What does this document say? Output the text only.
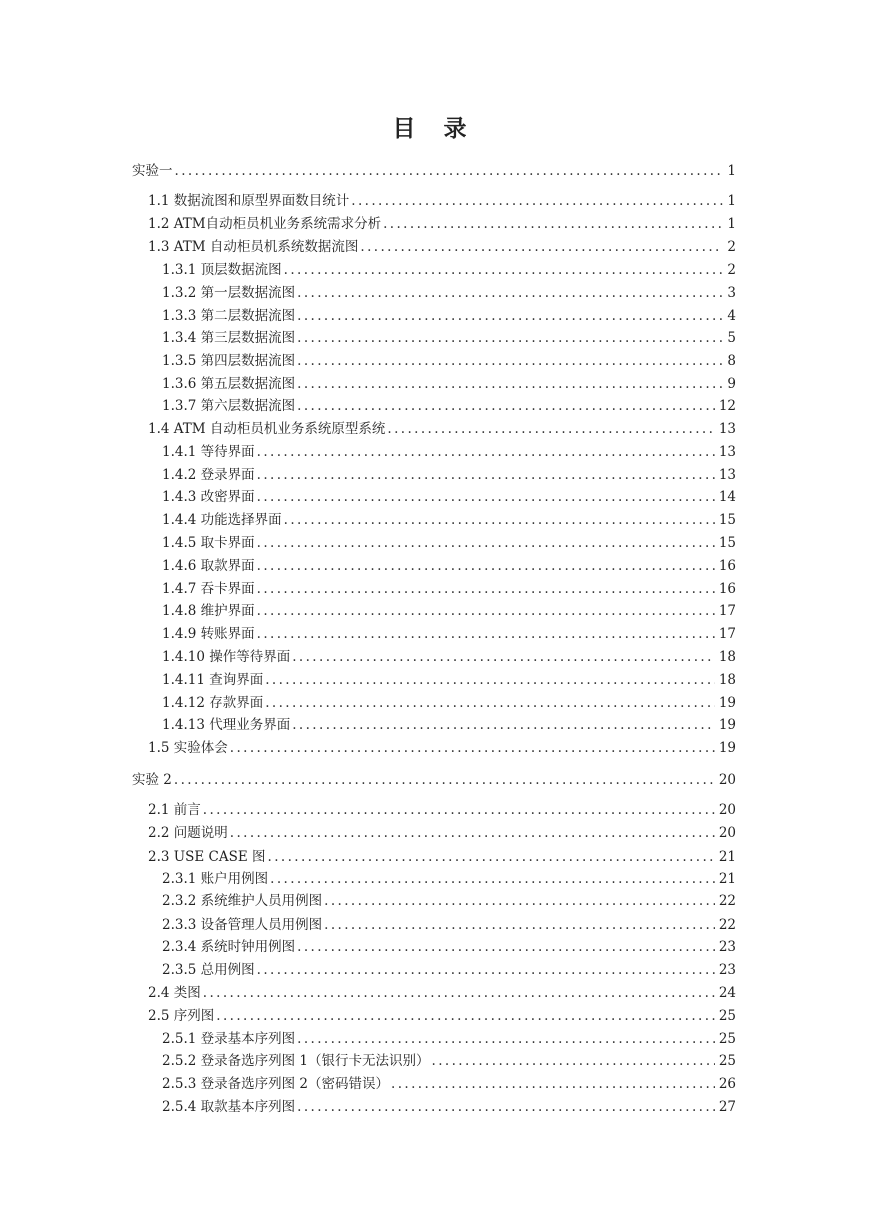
目 录
实验一 .....	1
1.1 数据流图和原型界面数目统计 .....	1
1.2 ATM自动柜员机业务系统需求分析 .....	1
1.3 ATM 自动柜员机系统数据流图 .....	2
1.3.1 顶层数据流图 .....	2
1.3.2 第一层数据流图 .....	3
1.3.3 第二层数据流图 .....	4
1.3.4 第三层数据流图 .....	5
1.3.5 第四层数据流图 .....	8
1.3.6 第五层数据流图 .....	9
1.3.7 第六层数据流图 .....	12
1.4 ATM 自动柜员机业务系统原型系统 .....	13
1.4.1 等待界面 .....	13
1.4.2 登录界面 .....	13
1.4.3 改密界面 .....	14
1.4.4 功能选择界面 .....	15
1.4.5 取卡界面 .....	15
1.4.6 取款界面 .....	16
1.4.7 吞卡界面 .....	16
1.4.8 维护界面 .....	17
1.4.9 转账界面 .....	17
1.4.10 操作等待界面 .....	18
1.4.11 查询界面 .....	18
1.4.12 存款界面 .....	19
1.4.13 代理业务界面 .....	19
1.5 实验体会 .....	19
实验 2 .....	20
2.1 前言 .....	20
2.2 问题说明 .....	20
2.3 USE CASE 图 .....	21
2.3.1 账户用例图 .....	21
2.3.2 系统维护人员用例图 .....	22
2.3.3 设备管理人员用例图 .....	22
2.3.4 系统时钟用例图 .....	23
2.3.5 总用例图 .....	23
2.4 类图 .....	24
2.5 序列图 .....	25
2.5.1 登录基本序列图 .....	25
2.5.2 登录备选序列图 1（银行卡无法识别） .....	25
2.5.3 登录备选序列图 2（密码错误） .....	26
2.5.4 取款基本序列图 .....	27
